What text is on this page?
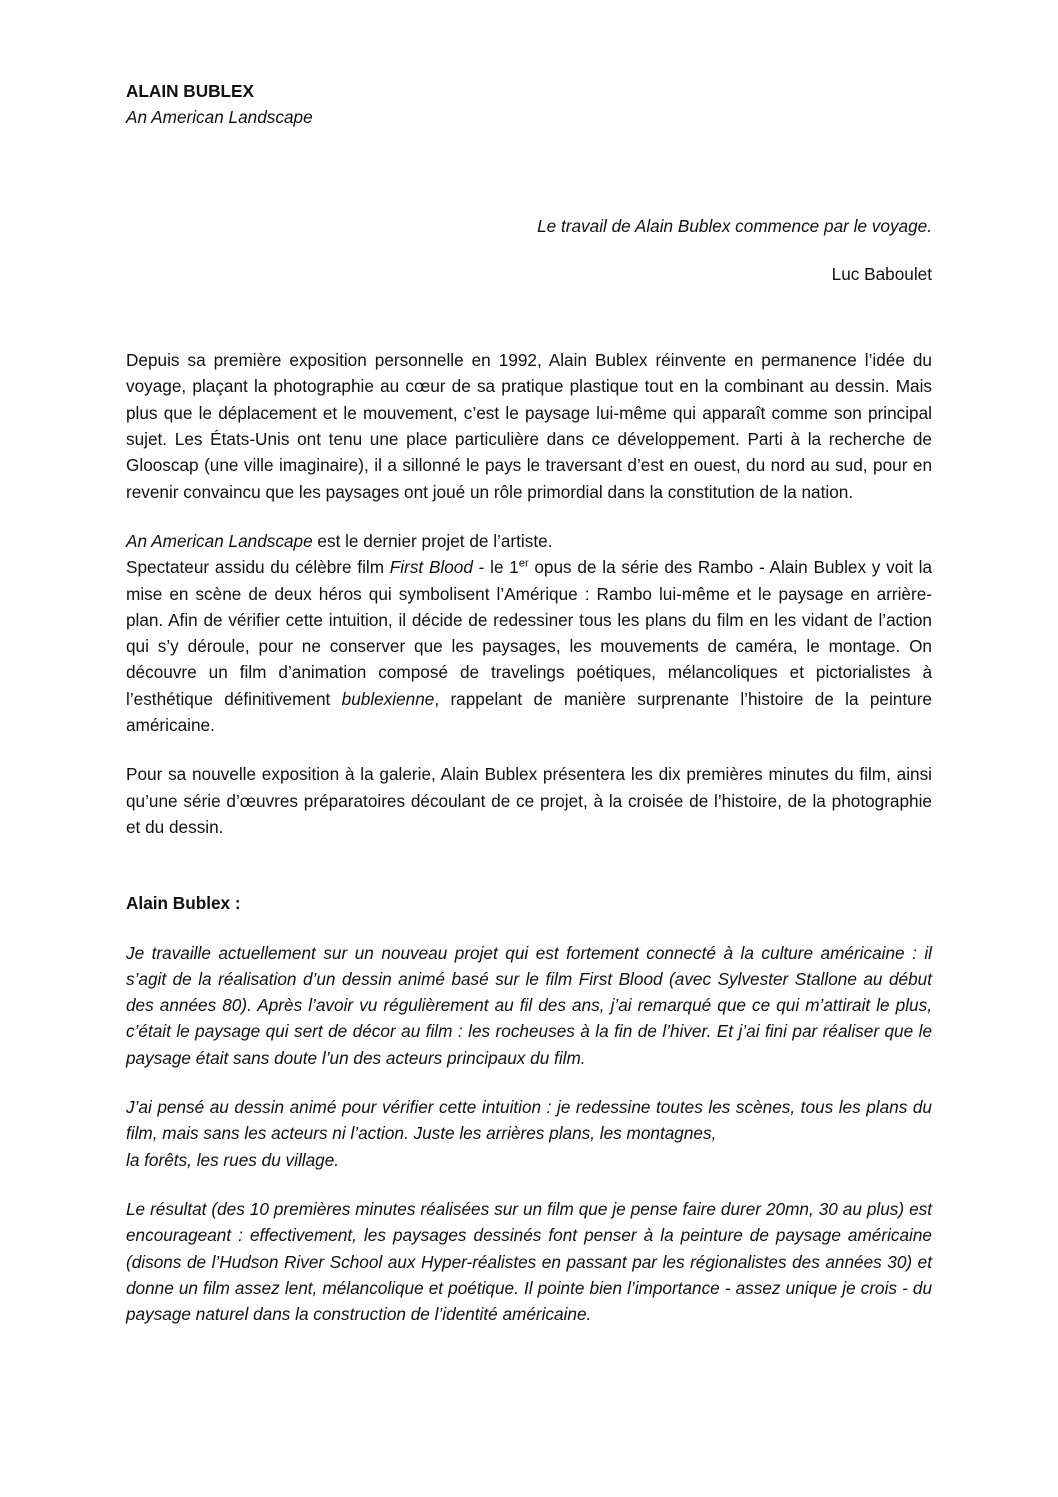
ALAIN BUBLEX
An American Landscape
Le travail de Alain Bublex commence par le voyage.
Luc Baboulet

Depuis sa première exposition personnelle en 1992, Alain Bublex réinvente en permanence l’idée du voyage, plaçant la photographie au cœur de sa pratique plastique tout en la combinant au dessin. Mais plus que le déplacement et le mouvement, c’est le paysage lui-même qui apparaît comme son principal sujet. Les États-Unis ont tenu une place particulière dans ce développement. Parti à la recherche de Glooscap (une ville imaginaire), il a sillonné le pays le traversant d’est en ouest, du nord au sud, pour en revenir convaincu que les paysages ont joué un rôle primordial dans la constitution de la nation.

An American Landscape est le dernier projet de l’artiste.

Spectateur assidu du célèbre film First Blood - le 1er opus de la série des Rambo - Alain Bublex y voit la mise en scène de deux héros qui symbolisent l’Amérique : Rambo lui-même et le paysage en arrière-plan. Afin de vérifier cette intuition, il décide de redessiner tous les plans du film en les vidant de l’action qui s’y déroule, pour ne conserver que les paysages, les mouvements de caméra, le montage. On découvre un film d’animation composé de travelings poétiques, mélancoliques et pictorialistes à l’esthétique définitivement bublexienne, rappelant de manière surprenante l’histoire de la peinture américaine.

Pour sa nouvelle exposition à la galerie, Alain Bublex présentera les dix premières minutes du film, ainsi qu’une série d’œuvres préparatoires découlant de ce projet, à la croisée de l’histoire, de la photographie et du dessin.

Alain Bublex :

Je travaille actuellement sur un nouveau projet qui est fortement connecté à la culture américaine : il s’agit de la réalisation d’un dessin animé basé sur le film First Blood (avec Sylvester Stallone au début des années 80). Après l’avoir vu régulièrement au fil des ans, j’ai remarqué que ce qui m’attirait le plus, c’était le paysage qui sert de décor au film : les rocheuses à la fin de l’hiver. Et j’ai fini par réaliser que le paysage était sans doute l’un des acteurs principaux du film.

J’ai pensé au dessin animé pour vérifier cette intuition : je redessine toutes les scènes, tous les plans du film, mais sans les acteurs ni l’action. Juste les arrières plans, les montagnes,
la forêts, les rues du village.

Le résultat (des 10 premières minutes réalisées sur un film que je pense faire durer 20mn, 30 au plus) est encourageant : effectivement, les paysages dessinés font penser à la peinture de paysage américaine (disons de l’Hudson River School aux Hyper-réalistes en passant par les régionalistes des années 30) et donne un film assez lent, mélancolique et poétique. Il pointe bien l’importance - assez unique je crois - du paysage naturel dans la construction de l’identité américaine.
